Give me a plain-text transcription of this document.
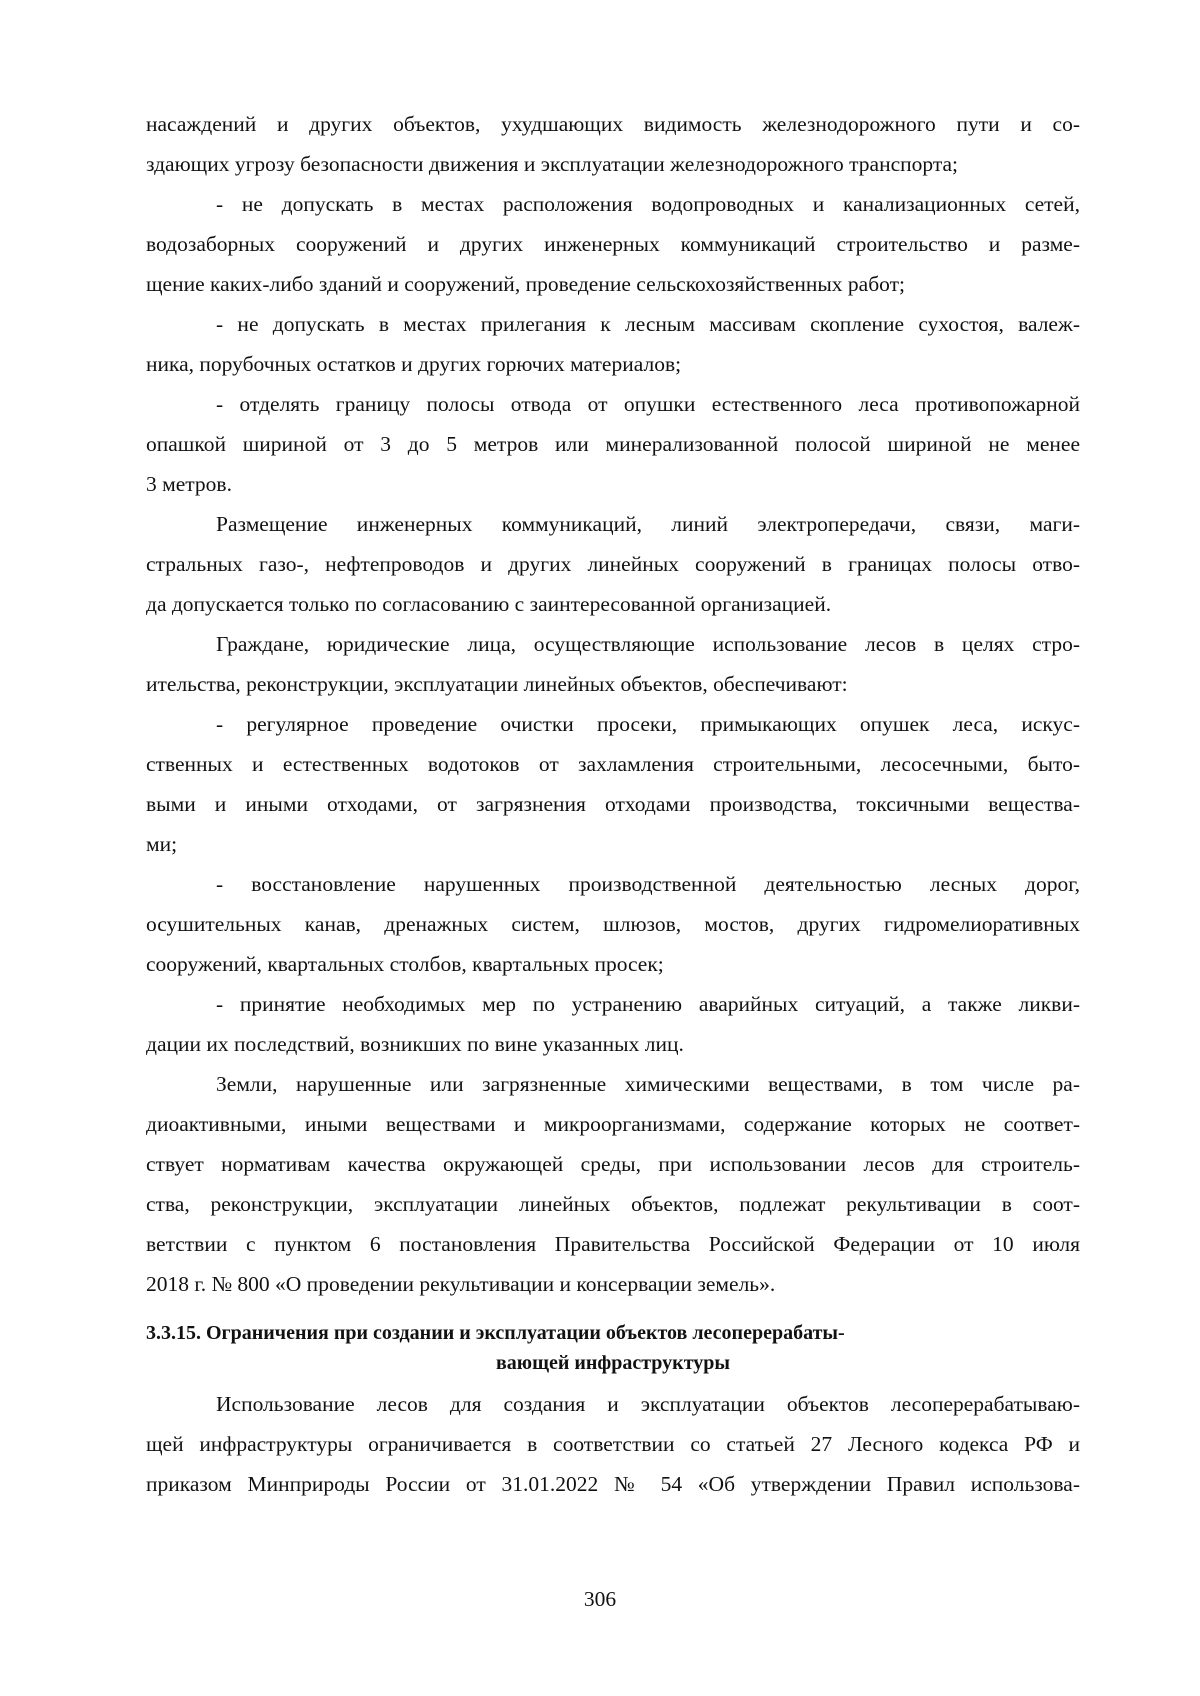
насаждений и других объектов, ухудшающих видимость железнодорожного пути и со-
здающих угрозу безопасности движения и эксплуатации железнодорожного транспорта;
- не допускать в местах расположения водопроводных и канализационных сетей,
водозаборных сооружений и других инженерных коммуникаций строительство и разме-
щение каких-либо зданий и сооружений, проведение сельскохозяйственных работ;
- не допускать в местах прилегания к лесным массивам скопление сухостоя, валеж-
ника, порубочных остатков и других горючих материалов;
- отделять границу полосы отвода от опушки естественного леса противопожарной
опашкой шириной от 3 до 5 метров или минерализованной полосой шириной не менее
3 метров.
Размещение инженерных коммуникаций, линий электропередачи, связи, маги-
стральных газо-, нефтепроводов и других линейных сооружений в границах полосы отво-
да допускается только по согласованию с заинтересованной организацией.
Граждане, юридические лица, осуществляющие использование лесов в целях стро-
ительства, реконструкции, эксплуатации линейных объектов, обеспечивают:
- регулярное проведение очистки просеки, примыкающих опушек леса, искус-
ственных и естественных водотоков от захламления строительными, лесосечными, быто-
выми и иными отходами, от загрязнения отходами производства, токсичными вещества-
ми;
- восстановление нарушенных производственной деятельностью лесных дорог,
осушительных канав, дренажных систем, шлюзов, мостов, других гидромелиоративных
сооружений, квартальных столбов, квартальных просек;
- принятие необходимых мер по устранению аварийных ситуаций, а также ликви-
дации их последствий, возникших по вине указанных лиц.
Земли, нарушенные или загрязненные химическими веществами, в том числе ра-
диоактивными, иными веществами и микроорганизмами, содержание которых не соответ-
ствует нормативам качества окружающей среды, при использовании лесов для строитель-
ства, реконструкции, эксплуатации линейных объектов, подлежат рекультивации в соот-
ветствии с пунктом 6 постановления Правительства Российской Федерации от 10 июля
2018 г. № 800 «О проведении рекультивации и консервации земель».
3.3.15. Ограничения при создании и эксплуатации объектов лесоперерабаты-
вающей инфраструктуры
Использование лесов для создания и эксплуатации объектов лесоперерабатываю-
щей инфраструктуры ограничивается в соответствии со статьей 27 Лесного кодекса РФ и
приказом Минприроды России от 31.01.2022 № 54 «Об утверждении Правил использова-
306
